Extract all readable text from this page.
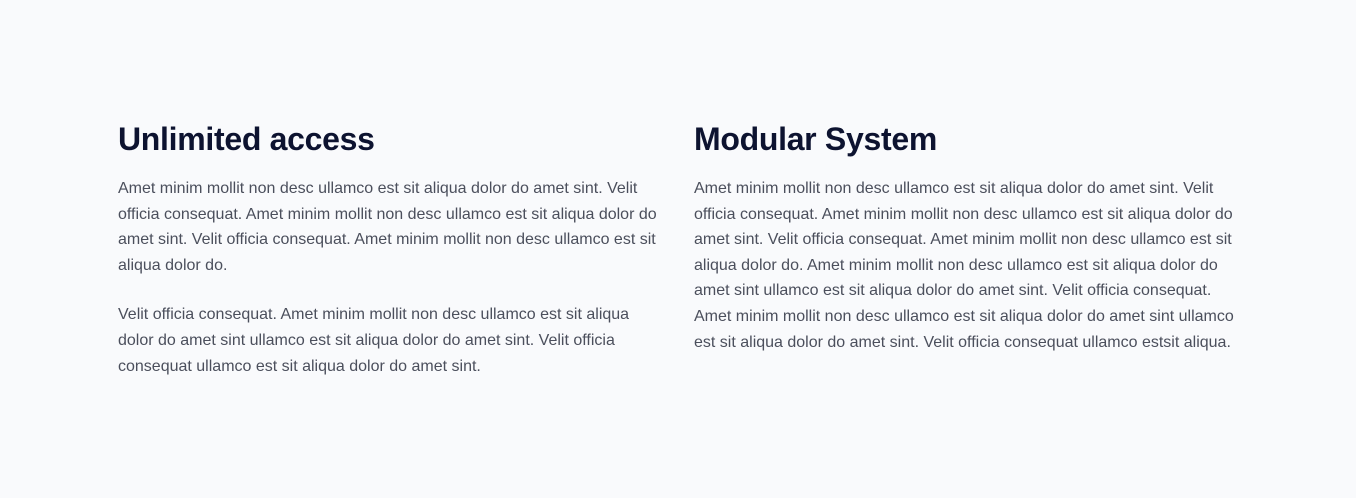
Unlimited access

Amet minim mollit non desc ullamco est sit aliqua dolor do amet sint. Velit officia consequat. Amet minim mollit non desc ullamco est sit aliqua dolor do amet sint. Velit officia consequat. Amet minim mollit non desc ullamco est sit aliqua dolor do.

Velit officia consequat. Amet minim mollit non desc ullamco est sit aliqua dolor do amet sint ullamco est sit aliqua dolor do amet sint. Velit officia consequat ullamco est sit aliqua dolor do amet sint.

Modular System

Amet minim mollit non desc ullamco est sit aliqua dolor do amet sint. Velit officia consequat. Amet minim mollit non desc ullamco est sit aliqua dolor do amet sint. Velit officia consequat. Amet minim mollit non desc ullamco est sit aliqua dolor do. Amet minim mollit non desc ullamco est sit aliqua dolor do amet sint ullamco est sit aliqua dolor do amet sint. Velit officia consequat. Amet minim mollit non desc ullamco est sit aliqua dolor do amet sint ullamco est sit aliqua dolor do amet sint. Velit officia consequat ullamco estsit aliqua.
